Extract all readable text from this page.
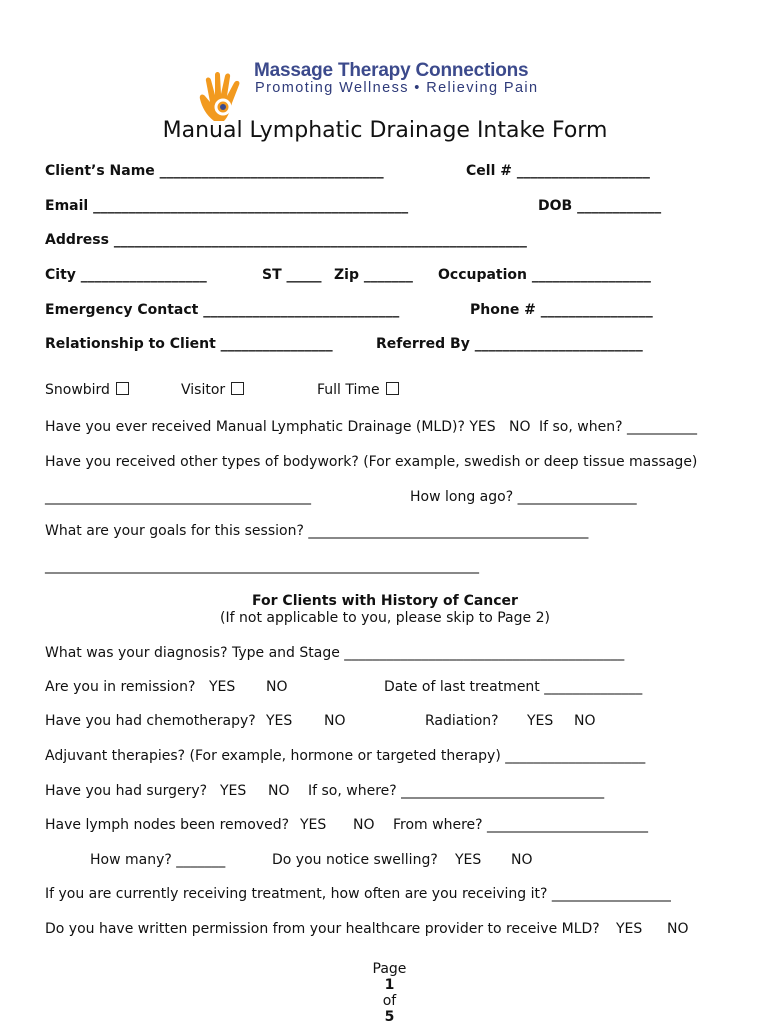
Massage Therapy Connections
Promoting Wellness • Relieving Pain
Manual Lymphatic Drainage Intake Form
Client’s Name ________________________________	Cell # ___________________
Email _____________________________________________	DOB ____________
Address ___________________________________________________________
City __________________	ST _____ Zip _______ Occupation _________________
Emergency Contact ____________________________	Phone # ________________
Relationship to Client ________________	Referred By ________________________
Snowbird	Visitor	Full Time
Have you ever received Manual Lymphatic Drainage (MLD)? YES NO If so, when? __________
Have you received other types of bodywork? (For example, swedish or deep tissue massage)
______________________________________	How long ago? _________________
What are your goals for this session? ________________________________________
______________________________________________________________
For Clients with History of Cancer
(If not applicable to you, please skip to Page 2)
What was your diagnosis? Type and Stage ________________________________________
Are you in remission? YES NO	Date of last treatment ______________
Have you had chemotherapy? YES NO	Radiation? YES NO
Adjuvant therapies? (For example, hormone or targeted therapy) ____________________
Have you had surgery? YES NO If so, where? _____________________________
Have lymph nodes been removed? YES NO From where? _______________________
How many? _______	Do you notice swelling? YES NO
If you are currently receiving treatment, how often are you receiving it? _________________
Do you have written permission from your healthcare provider to receive MLD? YES NO

Page
1
of
5
